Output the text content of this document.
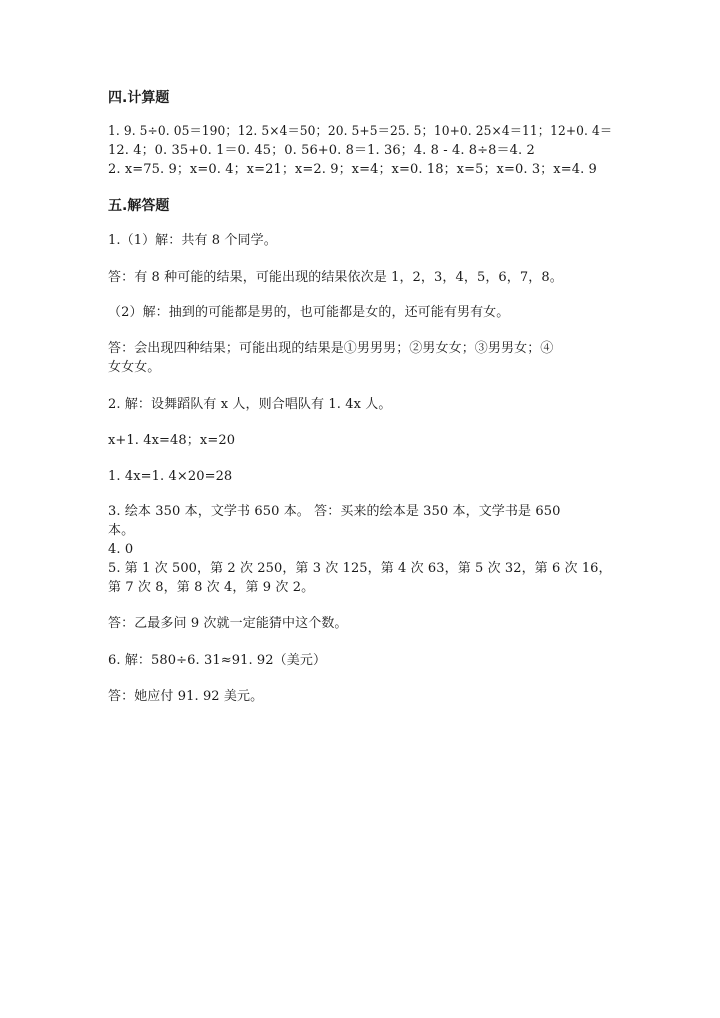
四.计算题
1. 9. 5÷0. 05＝190；12. 5×4＝50；20. 5+5＝25. 5；10+0. 25×4＝11；12+0. 4＝
12. 4；0. 35+0. 1＝0. 45；0. 56+0. 8＝1. 36；4. 8 - 4. 8÷8＝4. 2
2. x=75. 9；x=0. 4；x=21；x=2. 9；x=4；x=0. 18；x=5；x=0. 3；x=4. 9
五.解答题
1.（1）解：共有 8 个同学。
答：有 8 种可能的结果，可能出现的结果依次是 1，2，3，4，5，6，7，8。
（2）解：抽到的可能都是男的，也可能都是女的，还可能有男有女。
答：会出现四种结果；可能出现的结果是①男男男；②男女女；③男男女；④
女女女。
2. 解：设舞蹈队有 x 人，则合唱队有 1. 4x 人。
x+1. 4x=48；x=20
1. 4x=1. 4×20=28
3. 绘本 350 本，文学书 650 本。 答：买来的绘本是 350 本，文学书是 650
本。
4. 0
5. 第 1 次 500，第 2 次 250，第 3 次 125，第 4 次 63，第 5 次 32，第 6 次 16，
第 7 次 8，第 8 次 4，第 9 次 2。
答：乙最多问 9 次就一定能猜中这个数。
6. 解：580÷6. 31≈91. 92（美元）
答：她应付 91. 92 美元。
